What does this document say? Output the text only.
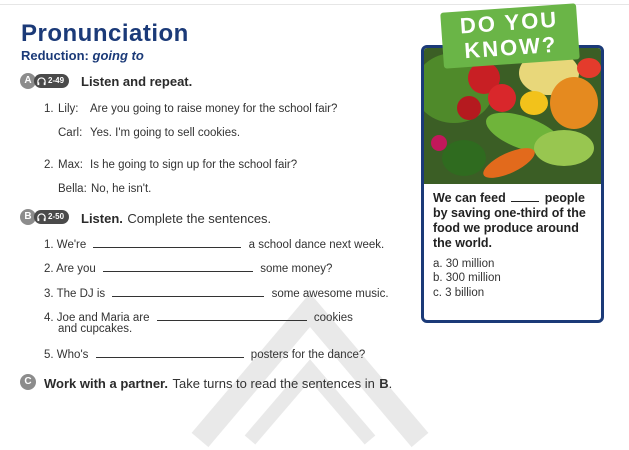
Pronunciation
Reduction: going to
A	2-49 Listen and repeat.
1. Lily: Are you going to raise money for the school fair?
Carl: Yes. I'm going to sell cookies.
2. Max: Is he going to sign up for the school fair?
Bella: No, he isn't.
B	2-50 Listen. Complete the sentences.
1. We're	a school dance next week.
2. Are you	some money?
3. The DJ is	some awesome music.
4. Joe and Maria are	cookies
and cupcakes.
5. Who's	posters for the dance?
C Work with a partner. Take turns to read the sentences in B.
DO YOU
KNOW?
We can feed	people by saving one-third of the food we produce around the world.
a. 30 million
b. 300 million
c. 3 billion
